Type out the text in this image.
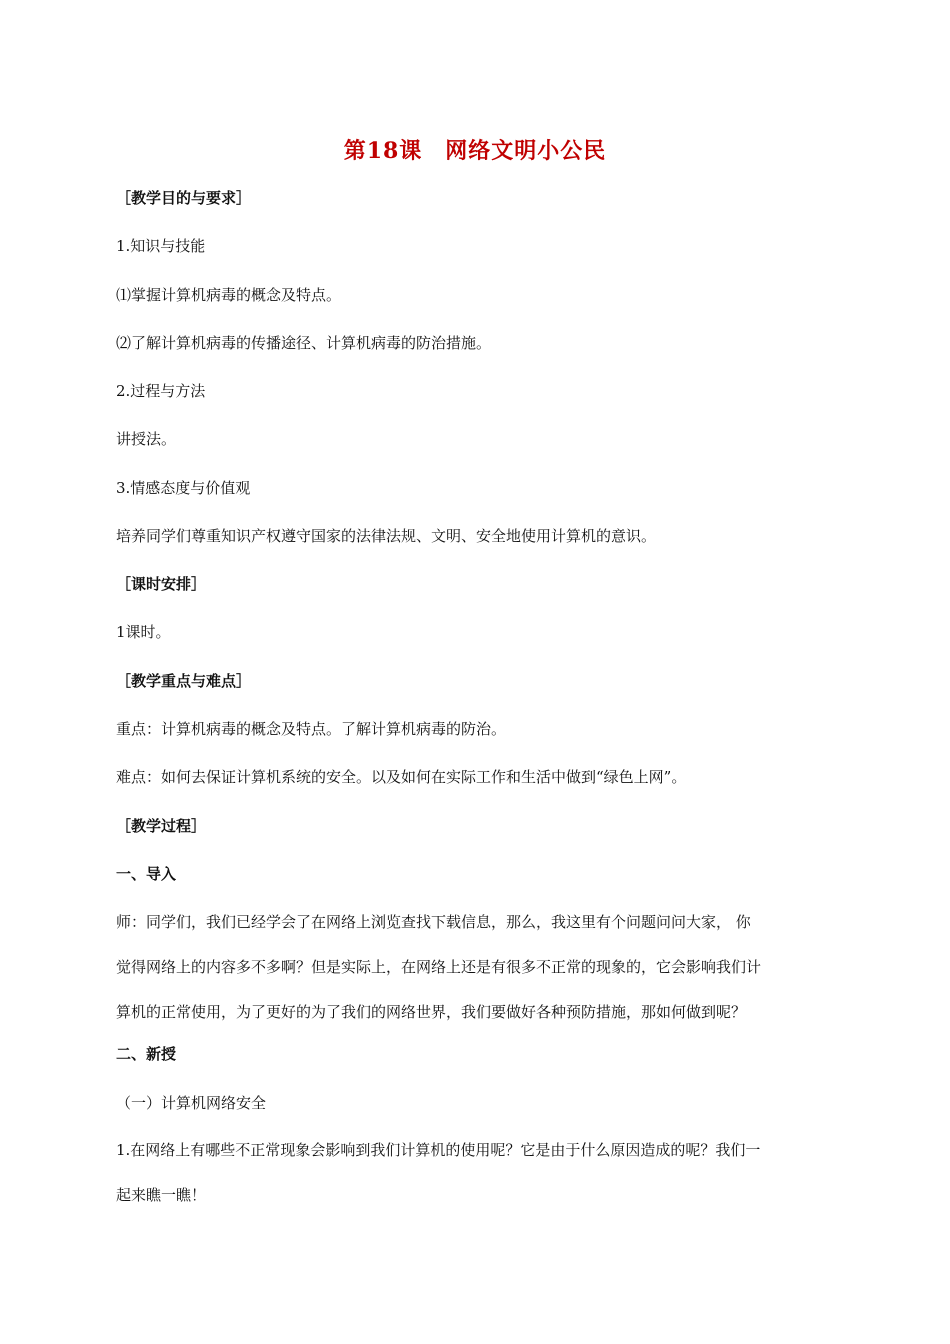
第18课　网络文明小公民
［教学目的与要求］
1.知识与技能
⑴掌握计算机病毒的概念及特点。
⑵了解计算机病毒的传播途径、计算机病毒的防治措施。
2.过程与方法
讲授法。
3.情感态度与价值观
培养同学们尊重知识产权遵守国家的法律法规、文明、安全地使用计算机的意识。
［课时安排］
1课时。
［教学重点与难点］
重点：计算机病毒的概念及特点。了解计算机病毒的防治。
难点：如何去保证计算机系统的安全。以及如何在实际工作和生活中做到“绿色上网”。
［教学过程］
一、导入
师：同学们，我们已经学会了在网络上浏览查找下载信息，那么，我这里有个问题问问大家， 你
觉得网络上的内容多不多啊？但是实际上，在网络上还是有很多不正常的现象的，它会影响我们计
算机的正常使用，为了更好的为了我们的网络世界，我们要做好各种预防措施，那如何做到呢？
二、新授
（一）计算机网络安全
1.在网络上有哪些不正常现象会影响到我们计算机的使用呢？它是由于什么原因造成的呢？我们一
起来瞧一瞧！
